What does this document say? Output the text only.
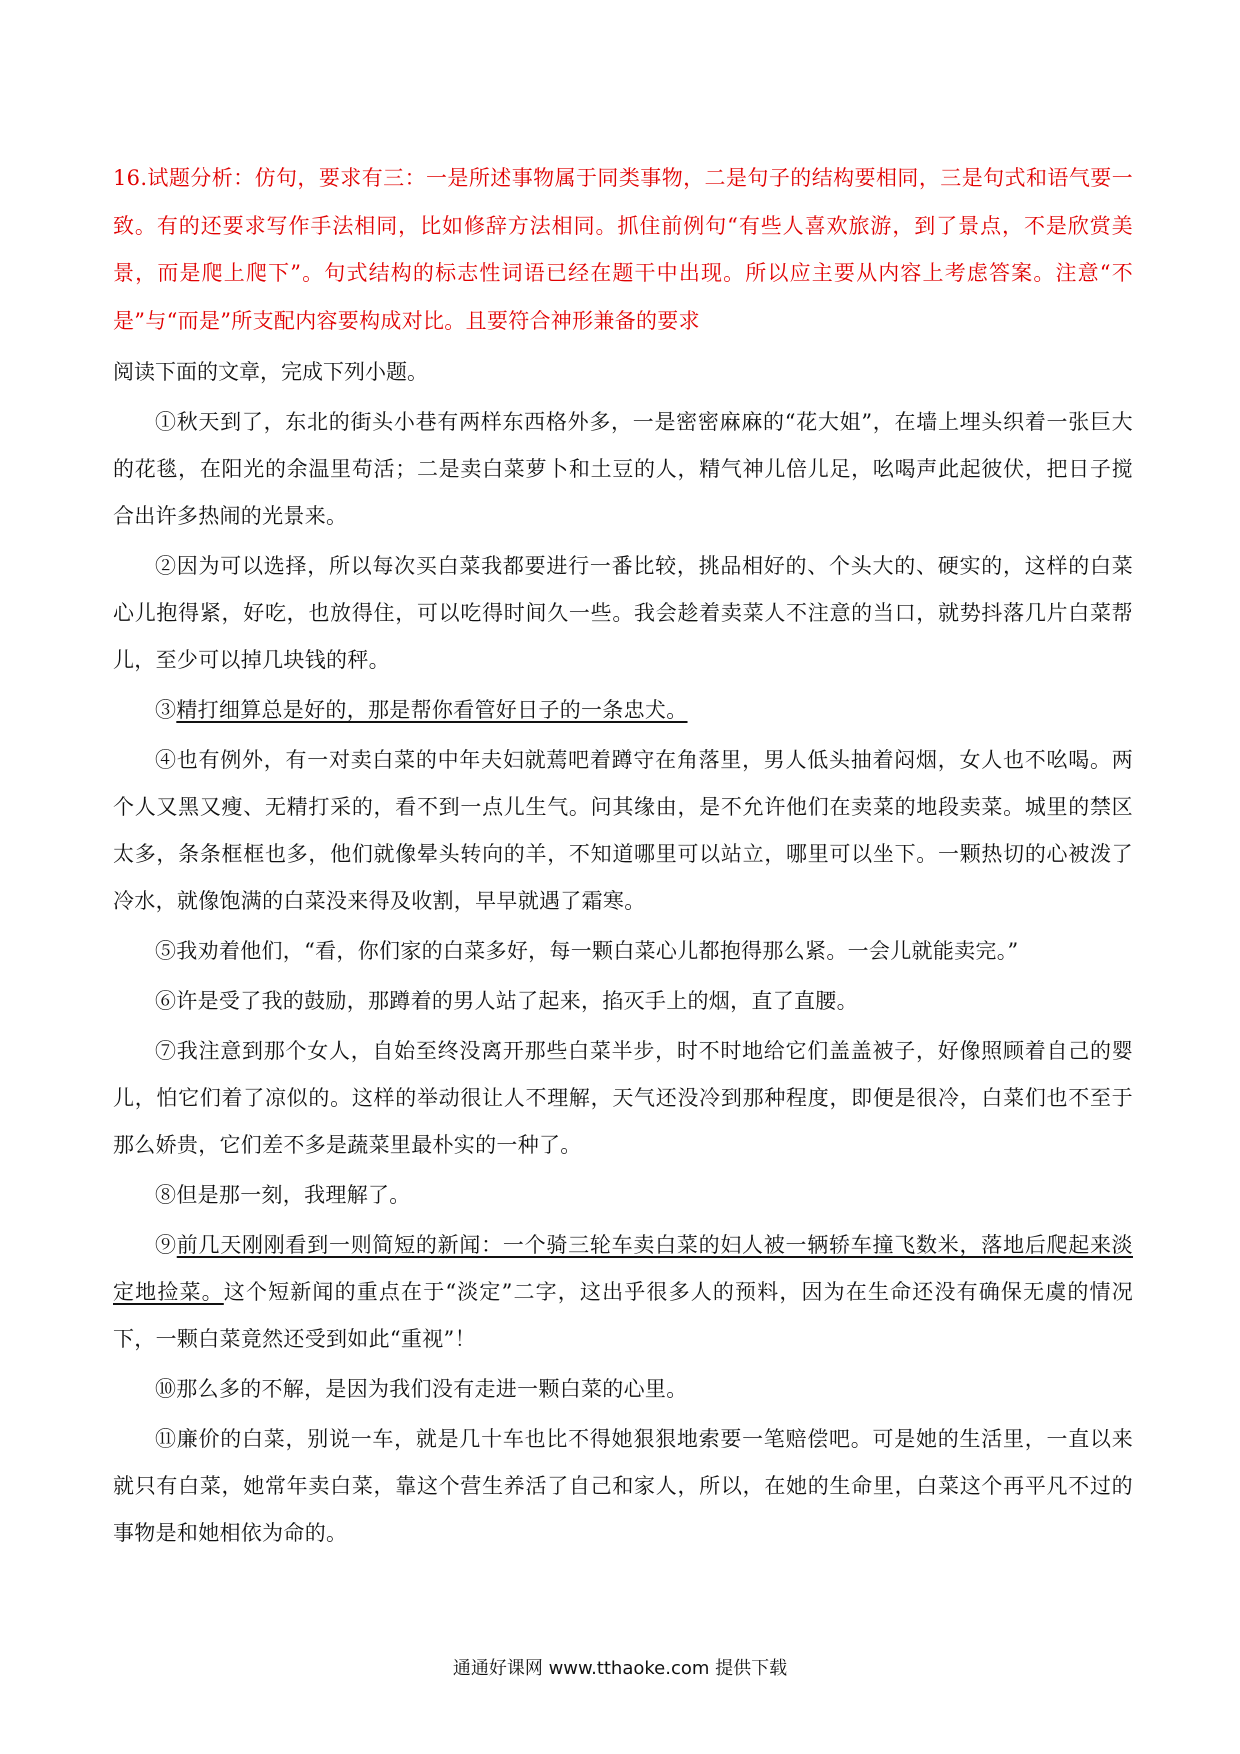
16.试题分析：仿句，要求有三：一是所述事物属于同类事物，二是句子的结构要相同，三是句式和语气要一致。有的还要求写作手法相同，比如修辞方法相同。抓住前例句“有些人喜欢旅游，到了景点，不是欣赏美景，而是爬上爬下”。句式结构的标志性词语已经在题干中出现。所以应主要从内容上考虑答案。注意“不是”与“而是”所支配内容要构成对比。且要符合神形兼备的要求
阅读下面的文章，完成下列小题。

①秋天到了，东北的街头小巷有两样东西格外多，一是密密麻麻的“花大姐”，在墙上埋头织着一张巨大的花毯，在阳光的余温里苟活；二是卖白菜萝卜和土豆的人，精气神儿倍儿足，吆喝声此起彼伏，把日子搅合出许多热闹的光景来。

②因为可以选择，所以每次买白菜我都要进行一番比较，挑品相好的、个头大的、硬实的，这样的白菜心儿抱得紧，好吃，也放得住，可以吃得时间久一些。我会趁着卖菜人不注意的当口，就势抖落几片白菜帮儿，至少可以掉几块钱的秤。

③精打细算总是好的，那是帮你看管好日子的一条忠犬。

④也有例外，有一对卖白菜的中年夫妇就蔫吧着蹲守在角落里，男人低头抽着闷烟，女人也不吆喝。两个人又黑又瘦、无精打采的，看不到一点儿生气。问其缘由，是不允许他们在卖菜的地段卖菜。城里的禁区太多，条条框框也多，他们就像晕头转向的羊，不知道哪里可以站立，哪里可以坐下。一颗热切的心被泼了冷水，就像饱满的白菜没来得及收割，早早就遇了霜寒。

⑤我劝着他们，“看，你们家的白菜多好，每一颗白菜心儿都抱得那么紧。一会儿就能卖完。”

⑥许是受了我的鼓励，那蹲着的男人站了起来，掐灭手上的烟，直了直腰。

⑦我注意到那个女人，自始至终没离开那些白菜半步，时不时地给它们盖盖被子，好像照顾着自己的婴儿，怕它们着了凉似的。这样的举动很让人不理解，天气还没冷到那种程度，即便是很冷，白菜们也不至于那么娇贵，它们差不多是蔬菜里最朴实的一种了。

⑧但是那一刻，我理解了。

⑨前几天刚刚看到一则简短的新闻：一个骑三轮车卖白菜的妇人被一辆轿车撞飞数米，落地后爬起来淡定地捡菜。这个短新闻的重点在于“淡定”二字，这出乎很多人的预料，因为在生命还没有确保无虞的情况下，一颗白菜竟然还受到如此“重视”！

⑩那么多的不解，是因为我们没有走进一颗白菜的心里。

⑪廉价的白菜，别说一车，就是几十车也比不得她狠狠地索要一笔赔偿吧。可是她的生活里，一直以来就只有白菜，她常年卖白菜，靠这个营生养活了自己和家人，所以，在她的生命里，白菜这个再平凡不过的事物是和她相依为命的。

通通好课网 www.tthaoke.com 提供下载
